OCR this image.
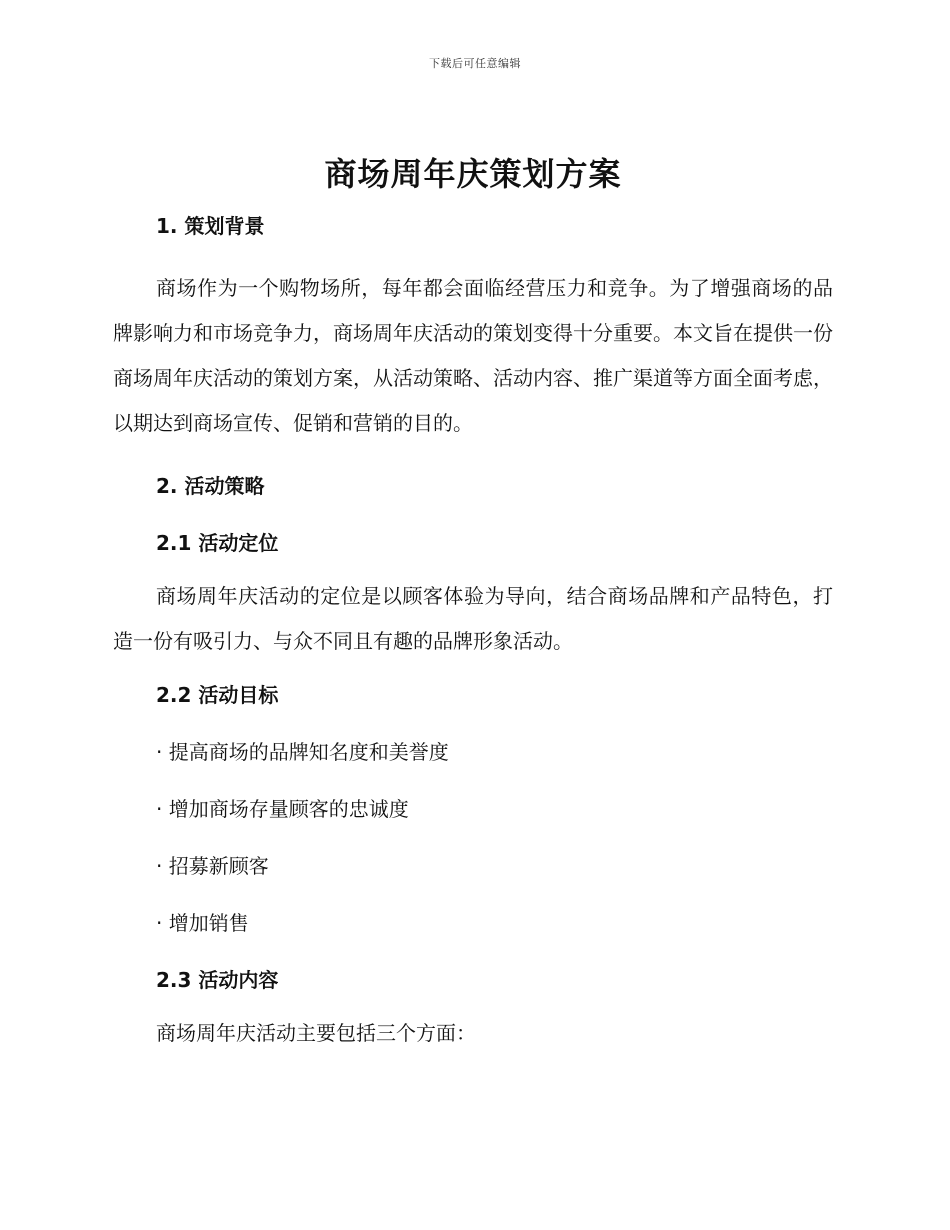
下载后可任意编辑
商场周年庆策划方案
1. 策划背景

商场作为一个购物场所，每年都会面临经营压力和竞争。为了增强商场的品牌影响力和市场竞争力，商场周年庆活动的策划变得十分重要。本文旨在提供一份商场周年庆活动的策划方案，从活动策略、活动内容、推广渠道等方面全面考虑，以期达到商场宣传、促销和营销的目的。

2. 活动策略
2.1 活动定位

商场周年庆活动的定位是以顾客体验为导向，结合商场品牌和产品特色，打造一份有吸引力、与众不同且有趣的品牌形象活动。

2.2 活动目标

· 提高商场的品牌知名度和美誉度

· 增加商场存量顾客的忠诚度

· 招募新顾客

· 增加销售

2.3 活动内容

商场周年庆活动主要包括三个方面：
